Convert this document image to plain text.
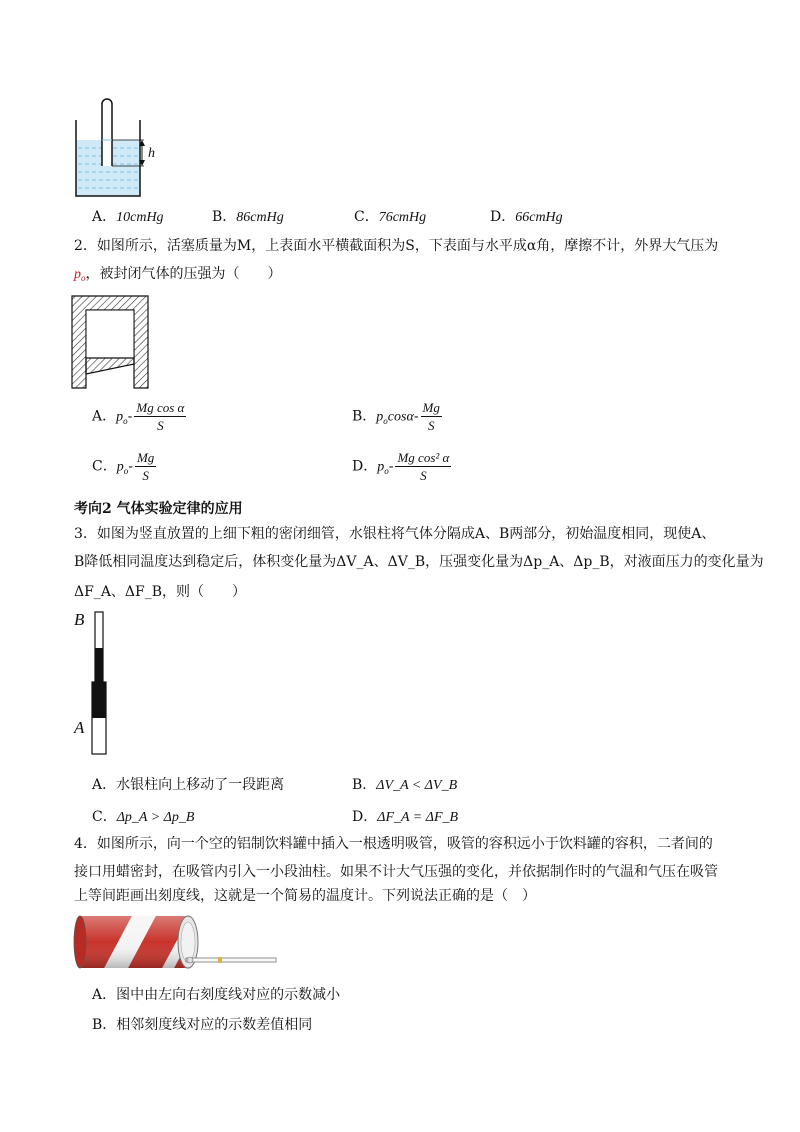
h
A．10cmHg	B．86cmHg	C．76cmHg	D．66cmHg
2．如图所示，活塞质量为M，上表面水平横截面积为S，下表面与水平成α角，摩擦不计，外界大气压为
$p_o$，被封闭气体的压强为（　　）
A．$p_o- \frac{\text{Mg cos α}}{S}$	B．$p_o\cos\alpha- \frac{Mg}{S}$
C．$p_o- \frac{Mg}{S}$	D．$p_o- \frac{\text{Mg cos² α}}{S}$
考向2 气体实验定律的应用
3．如图为竖直放置的上细下粗的密闭细管，水银柱将气体分隔成A、B两部分，初始温度相同，现使A、
B降低相同温度达到稳定后，体积变化量为ΔV_A、ΔV_B，压强变化量为Δp_A、Δp_B，对液面压力的变化量为
ΔF_A、ΔF_B，则（　　）
B
A
A．水银柱向上移动了一段距离	B．ΔV_A < ΔV_B
C．Δp_A > Δp_B	D．ΔF_A = ΔF_B
4．如图所示，向一个空的铝制饮料罐中插入一根透明吸管，吸管的容积远小于饮料罐的容积，二者间的
接口用蜡密封，在吸管内引入一小段油柱。如果不计大气压强的变化，并依据制作时的气温和气压在吸管
上等间距画出刻度线，这就是一个简易的温度计。下列说法正确的是（　）
A．图中由左向右刻度线对应的示数减小
B．相邻刻度线对应的示数差值相同
